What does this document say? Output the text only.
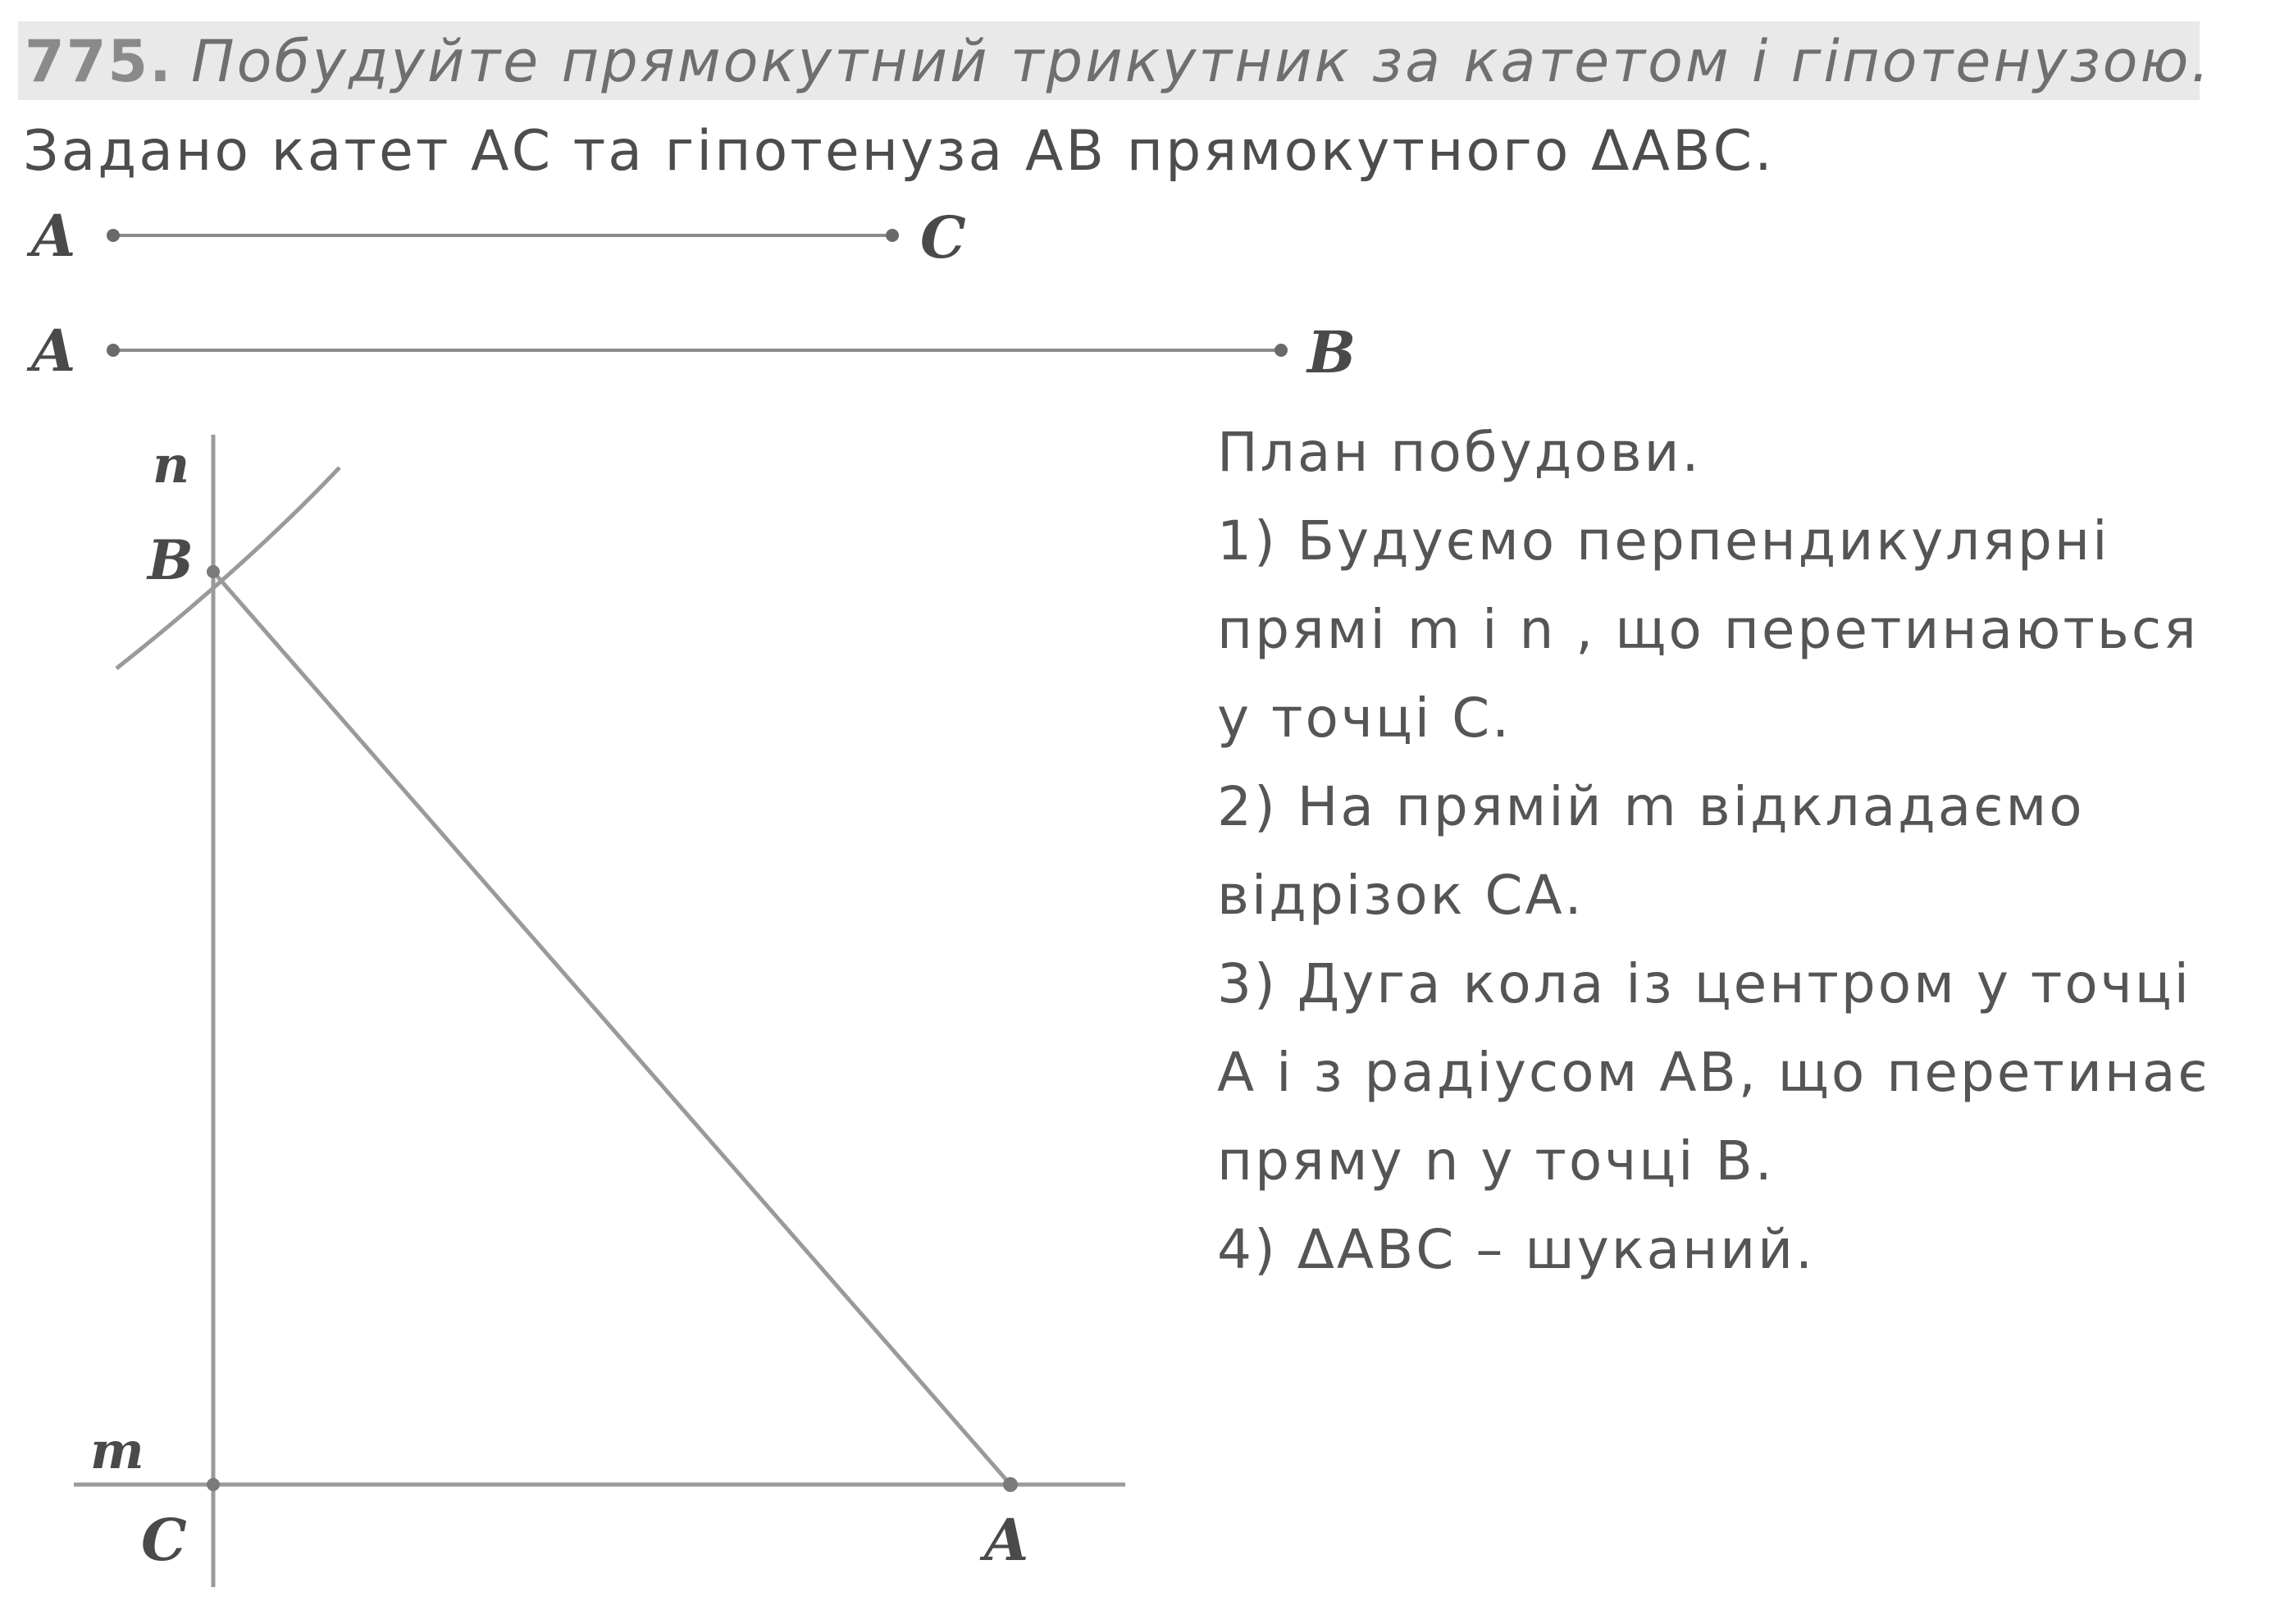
775. Побудуйте прямокутний трикутник за катетом і гіпотенузою.
Задано катет АС та гіпотенуза АВ прямокутного ΔАВС.
A	C
A	B
n
B
m
C	A
План побудови.
1) Будуємо перпендикулярні
прямі m і n , що перетинаються
у точці С.
2) На прямій m відкладаємо
відрізок СА.
3) Дуга кола із центром у точці
А і з радіусом АВ, що перетинає
пряму n у точці В.
4) ΔАВС – шуканий.
